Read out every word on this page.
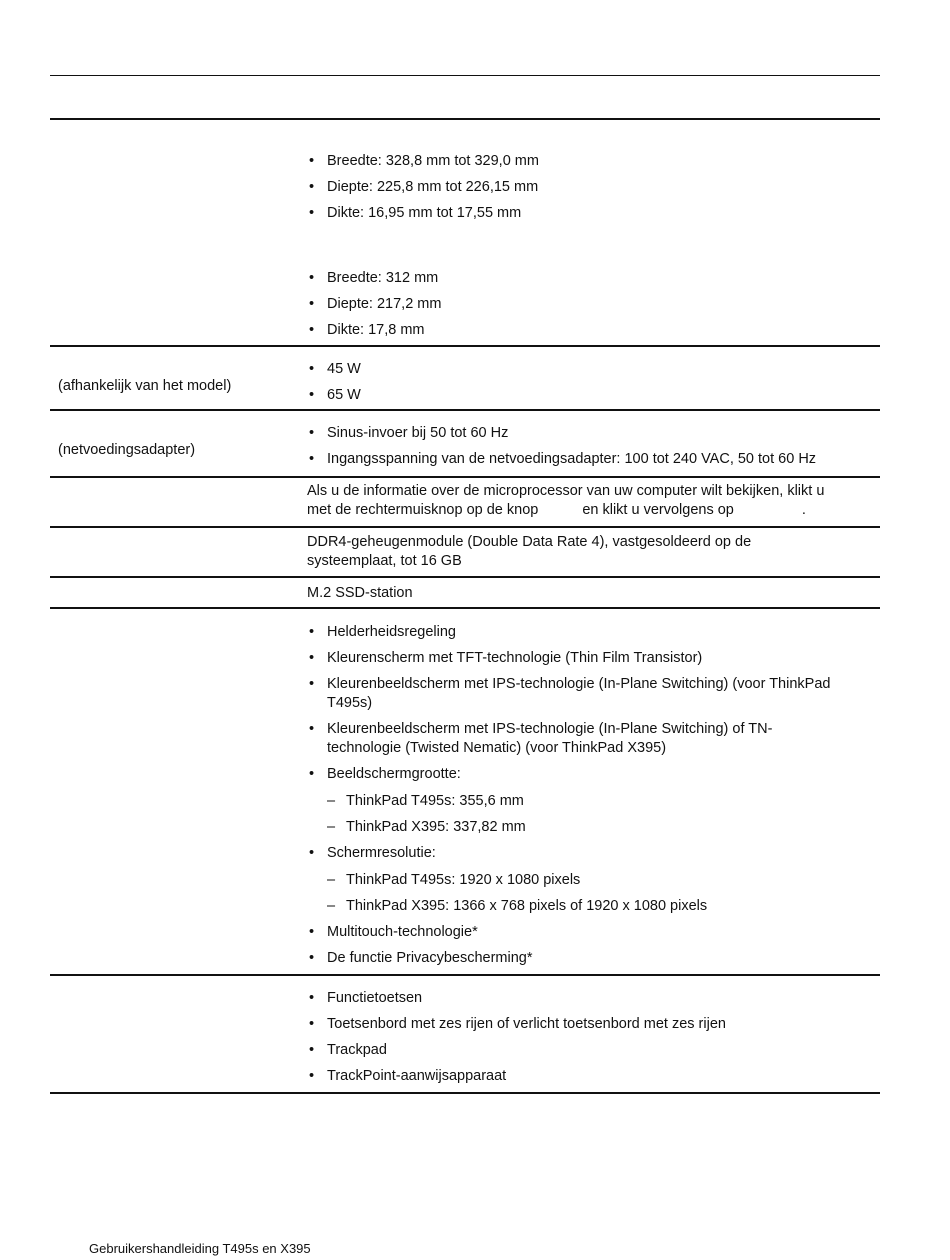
• Breedte: 328,8 mm tot 329,0 mm
• Diepte: 225,8 mm tot 226,15 mm
• Dikte: 16,95 mm tot 17,55 mm
• Breedte: 312 mm
• Diepte: 217,2 mm
• Dikte: 17,8 mm
(afhankelijk van het model)
• 45 W
• 65 W
(netvoedingsadapter)
• Sinus-invoer bij 50 tot 60 Hz
• Ingangsspanning van de netvoedingsadapter: 100 tot 240 VAC, 50 tot 60 Hz
Als u de informatie over de microprocessor van uw computer wilt bekijken, klikt u
met de rechtermuisknop op de knop	en klikt u vervolgens op	.
DDR4-geheugenmodule (Double Data Rate 4), vastgesoldeerd op de systeemplaat, tot 16 GB
M.2 SSD-station
• Helderheidsregeling
• Kleurenscherm met TFT-technologie (Thin Film Transistor)
• Kleurenbeeldscherm met IPS-technologie (In-Plane Switching) (voor ThinkPad T495s)
• Kleurenbeeldscherm met IPS-technologie (In-Plane Switching) of TN-technologie (Twisted Nematic) (voor ThinkPad X395)
• Beeldschermgrootte:
– ThinkPad T495s: 355,6 mm
– ThinkPad X395: 337,82 mm
• Schermresolutie:
– ThinkPad T495s: 1920 x 1080 pixels
– ThinkPad X395: 1366 x 768 pixels of 1920 x 1080 pixels
• Multitouch-technologie*
• De functie Privacybescherming*
• Functietoetsen
• Toetsenbord met zes rijen of verlicht toetsenbord met zes rijen
• Trackpad
• TrackPoint-aanwijsapparaat
Gebruikershandleiding T495s en X395
